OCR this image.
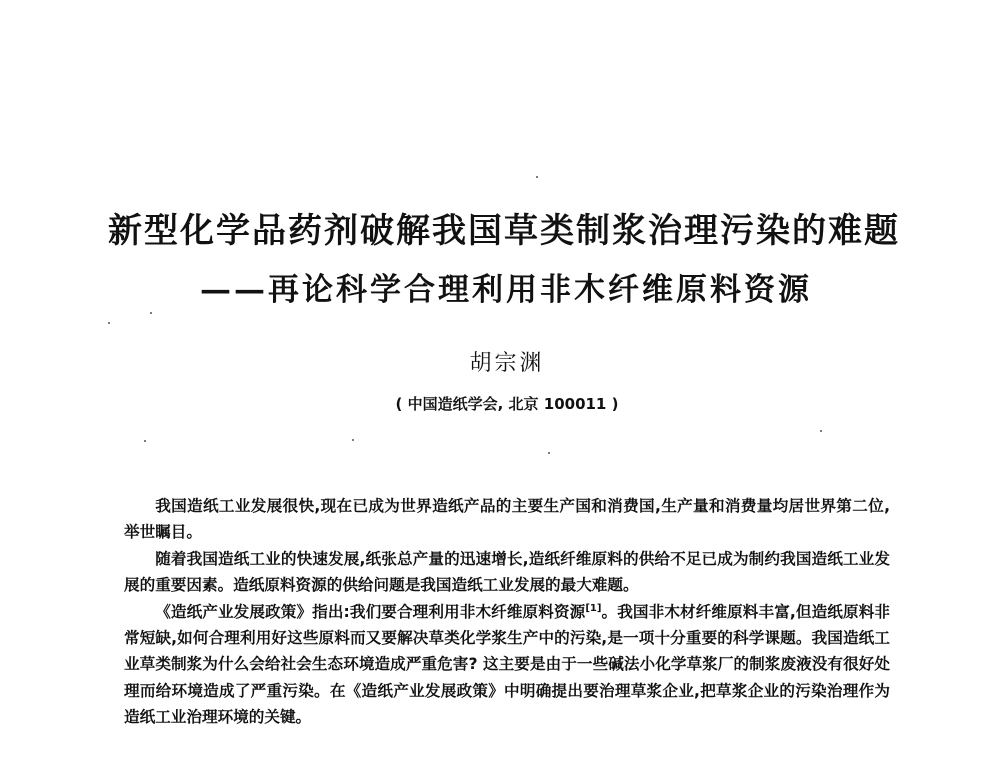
新型化学品药剂破解我国草类制浆治理污染的难题
——再论科学合理利用非木纤维原料资源
胡宗渊
( 中国造纸学会, 北京 100011 )

我国造纸工业发展很快,现在已成为世界造纸产品的主要生产国和消费国,生产量和消费量均居世界第二位,举世瞩目。

随着我国造纸工业的快速发展,纸张总产量的迅速增长,造纸纤维原料的供给不足已成为制约我国造纸工业发展的重要因素。造纸原料资源的供给问题是我国造纸工业发展的最大难题。

《造纸产业发展政策》指出:我们要合理利用非木纤维原料资源[1]。我国非木材纤维原料丰富,但造纸原料非常短缺,如何合理利用好这些原料而又要解决草类化学浆生产中的污染,是一项十分重要的科学课题。我国造纸工业草类制浆为什么会给社会生态环境造成严重危害? 这主要是由于一些碱法小化学草浆厂的制浆废液没有很好处理而给环境造成了严重污染。在《造纸产业发展政策》中明确提出要治理草浆企业,把草浆企业的污染治理作为造纸工业治理环境的关键。
